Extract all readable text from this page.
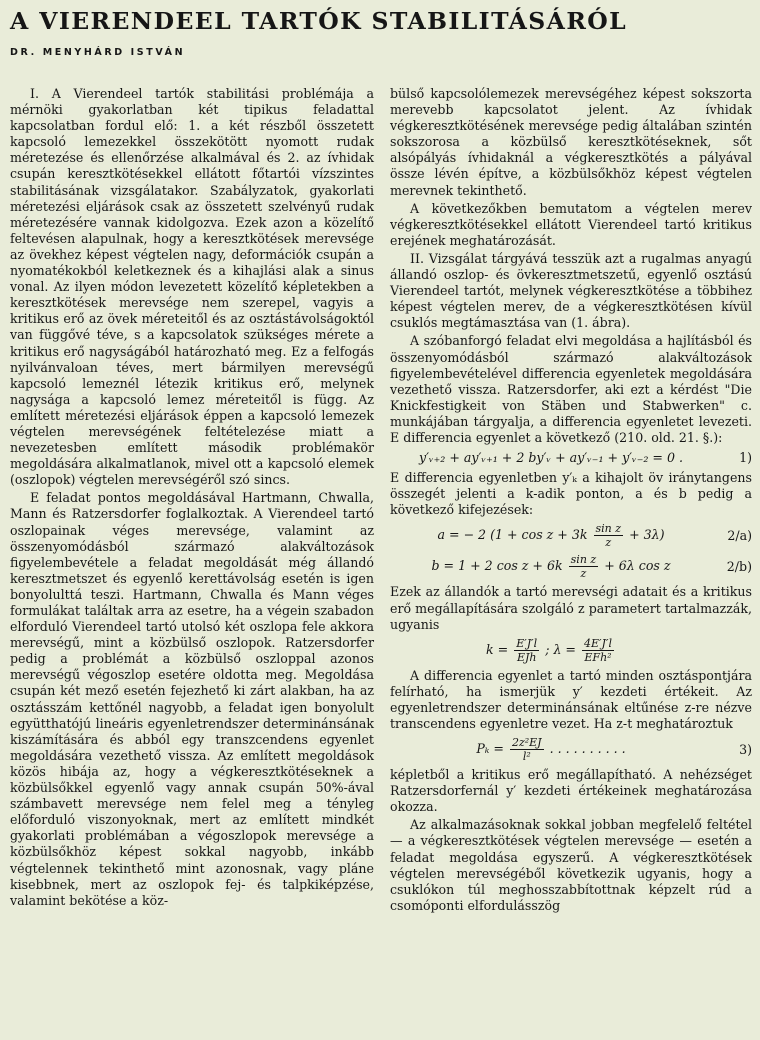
A VIERENDEEL TARTÓK STABILITÁSÁRÓL
DR. MENYHÁRD ISTVÁN

I. A Vierendeel tartók stabilitási problémája a mérnöki gyakorlatban két tipikus feladattal kapcsolatban fordul elő: 1. a két részből összetett kapcsoló lemezekkel összekötött nyomott rudak méretezése és ellenőrzése alkalmával és 2. az ívhidak csupán keresztkötésekkel ellátott főtartói vízszintes stabilitásának vizsgálatakor. Szabályzatok, gyakorlati méretezési eljárások csak az összetett szelvényű rudak méretezésére vannak kidolgozva. Ezek azon a közelítő feltevésen alapulnak, hogy a keresztkötések merevsége az övekhez képest végtelen nagy, deformációk csupán a nyomatékokból keletkeznek és a kihajlási alak a sinus vonal. Az ilyen módon levezetett közelítő képletekben a keresztkötések merevsége nem szerepel, vagyis a kritikus erő az övek méreteitől és az osztástávolságoktól van függővé téve, s a kapcsolatok szükséges mérete a kritikus erő nagyságából határozható meg. Ez a felfogás nyilvánvaloan téves, mert bármilyen merevségű kapcsoló lemeznél létezik kritikus erő, melynek nagysága a kapcsoló lemez méreteitől is függ. Az említett méretezési eljárások éppen a kapcsoló lemezek végtelen merevségének feltételezése miatt a nevezetesben említett második problémakör megoldására alkalmatlanok, mivel ott a kapcsoló elemek (oszlopok) végtelen merevségéről szó sincs.

E feladat pontos megoldásával Hartmann, Chwalla, Mann és Ratzersdorfer foglalkoztak. A Vierendeel tartó oszlopainak véges merevsége, valamint az összenyomódásból származó alakváltozások figyelembevétele a feladat megoldását még állandó keresztmetszet és egyenlő kerettávolság esetén is igen bonyolulttá teszi. Hartmann, Chwalla és Mann véges formulákat találtak arra az esetre, ha a végein szabadon elforduló Vierendeel tartó utolsó két oszlopa fele akkora merevségű, mint a közbülső oszlopok. Ratzersdorfer pedig a problémát a közbülső oszloppal azonos merevségű végoszlop esetére oldotta meg. Megoldása csupán két mező esetén fejezhető ki zárt alakban, ha az osztásszám kettőnél nagyobb, a feladat igen bonyolult együtthatójú lineáris egyenletrendszer determinánsának kiszámítására és abból egy transzcendens egyenlet megoldására vezethető vissza. Az említett megoldások közös hibája az, hogy a végkeresztkötéseknek a közbülsőkkel egyenlő vagy annak csupán 50%-ával számbavett merevsége nem felel meg a tényleg előforduló viszonyoknak, mert az említett mindkét gyakorlati problémában a végoszlopok merevsége a közbülsőkhöz képest sokkal nagyobb, inkább végtelennek tekinthető mint azonosnak, vagy pláne kisebbnek, mert az oszlopok fej- és talpkiképzése, valamint bekötése a köz-

bülső kapcsolólemezek merevségéhez képest sokszorta merevebb kapcsolatot jelent. Az ívhidak végkeresztkötésének merevsége pedig általában szintén sokszorosa a közbülső keresztkötéseknek, sőt alsópályás ívhidaknál a végkeresztkötés a pályával össze lévén építve, a közbülsőkhöz képest végtelen merevnek tekinthető.

A következőkben bemutatom a végtelen merev végkeresztkötésekkel ellátott Vierendeel tartó kritikus erejének meghatározását.

II. Vizsgálat tárgyává tesszük azt a rugalmas anyagú állandó oszlop- és övkeresztmetszetű, egyenlő osztású Vierendeel tartót, melynek végkeresztkötése a többihez képest végtelen merev, de a végkeresztkötésen kívül csuklós megtámasztása van (1. ábra).

A szóbanforgó feladat elvi megoldása a hajlításból és összenyomódásból származó alakváltozások figyelembevételével differencia egyenletek megoldására vezethető vissza. Ratzersdorfer, aki ezt a kérdést "Die Knickfestigkeit von Stäben und Stabwerken" c. munkájában tárgyalja, a differencia egyenletet levezeti. E differencia egyenlet a következő (210. old. 21. §.):

y′ᵥ₊₂ + ay′ᵥ₊₁ + 2 by′ᵥ + ay′ᵥ₋₁ + y′ᵥ₋₂ = 0 .	1)

E differencia egyenletben y′ₖ a kihajolt öv iránytangens összegét jelenti a k-adik ponton, a és b pedig a következő kifejezések:

a = − 2 $(1 + \cos z + 3k \frac{\text{sin z}}{z} + 3\lambda)$	2/a)
b = 1 + 2 $\cos z + 6k \frac{\text{sin z}}{z} + 6\lambda$ cos z	2/b)

Ezek az állandók a tartó merevségi adatait és a kritikus erő megállapítására szolgáló z parametert tartalmazzák, ugyanis

$k = \frac{E'J'l}{\text{EJh}}$ ; $\lambda = \frac{4E'J'l}{\text{EFh²}}$

A differencia egyenlet a tartó minden osztáspontjára felírható, ha ismerjük y′ kezdeti értékeit. Az egyenletrendszer determinánsának eltűnése z-re nézve transcendens egyenletre vezet. Ha z-t meghatároztuk

$P_k = \frac{\text{2z²EJ}}{\text{l²}}$ . . . . . . . . . .	3)

képletből a kritikus erő megállapítható. A nehézséget Ratzersdorfernál y′ kezdeti értékeinek meghatározása okozza.

Az alkalmazásoknak sokkal jobban megfelelő feltétel — a végkeresztkötések végtelen merevsége — esetén a feladat megoldása egyszerű. A végkeresztkötések végtelen merevségéből következik ugyanis, hogy a csuklókon túl meghosszabbítottnak képzelt rúd a csomóponti elfordulásszög
